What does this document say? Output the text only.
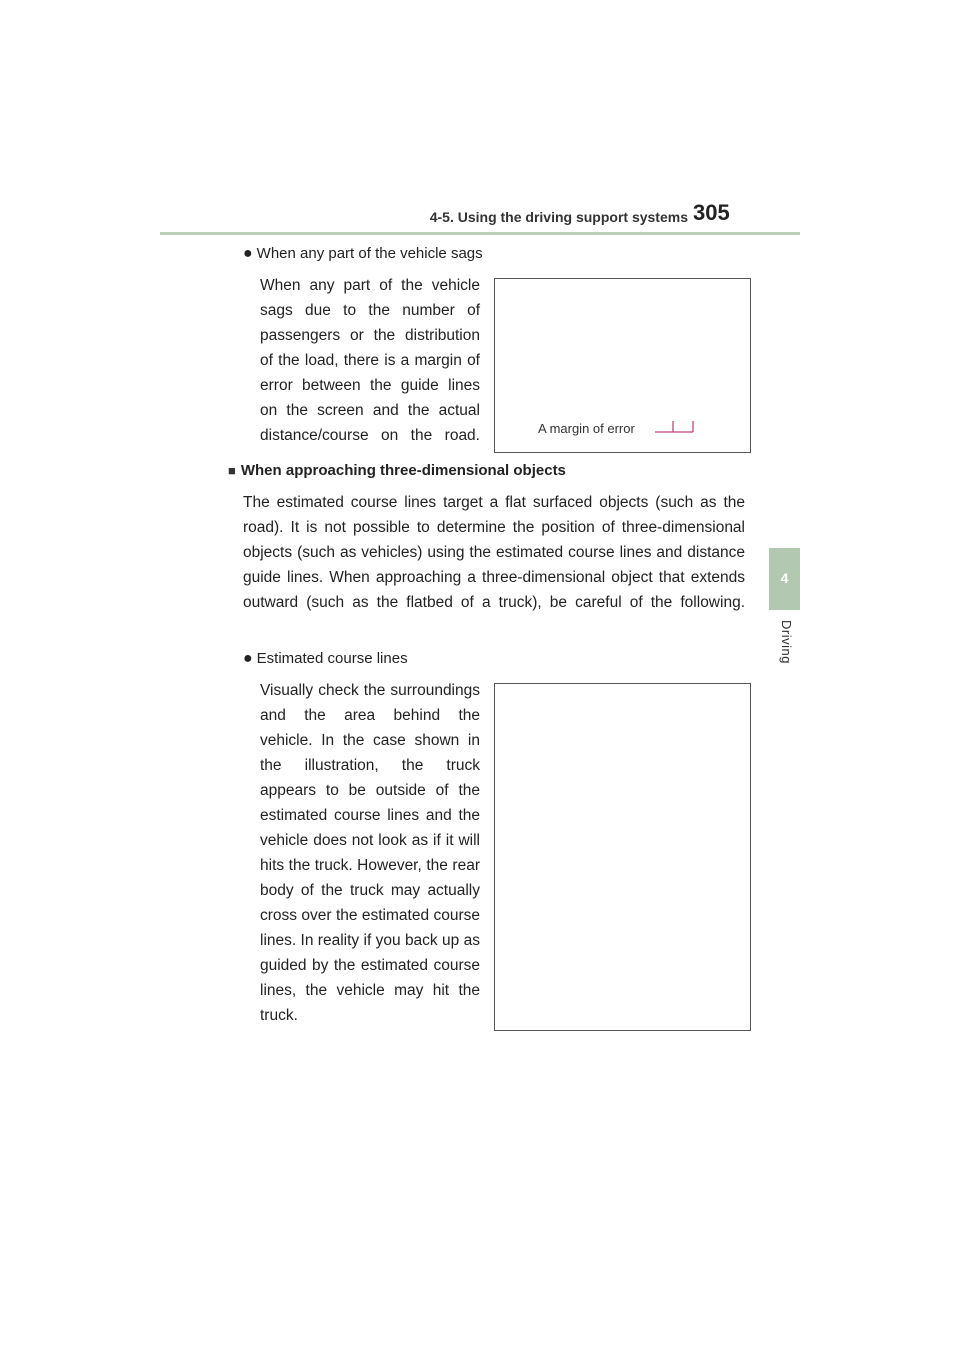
4-5. Using the driving support systems 305
4
Driving
● When any part of the vehicle sags
When any part of the vehicle sags due to the number of passengers or the distribution of the load, there is a margin of error between the guide lines on the screen and the actual distance/course on the road.	A margin of error
■ When approaching three-dimensional objects
The estimated course lines target a flat surfaced objects (such as the road). It is not possible to determine the position of three-dimensional objects (such as vehicles) using the estimated course lines and distance guide lines. When approaching a three-dimensional object that extends outward (such as the flatbed of a truck), be careful of the following.
● Estimated course lines
Visually check the surroundings and the area behind the vehicle. In the case shown in the illustration, the truck appears to be outside of the estimated course lines and the vehicle does not look as if it will hits the truck. However, the rear body of the truck may actually cross over the estimated course lines. In reality if you back up as guided by the estimated course lines, the vehicle may hit the truck.
